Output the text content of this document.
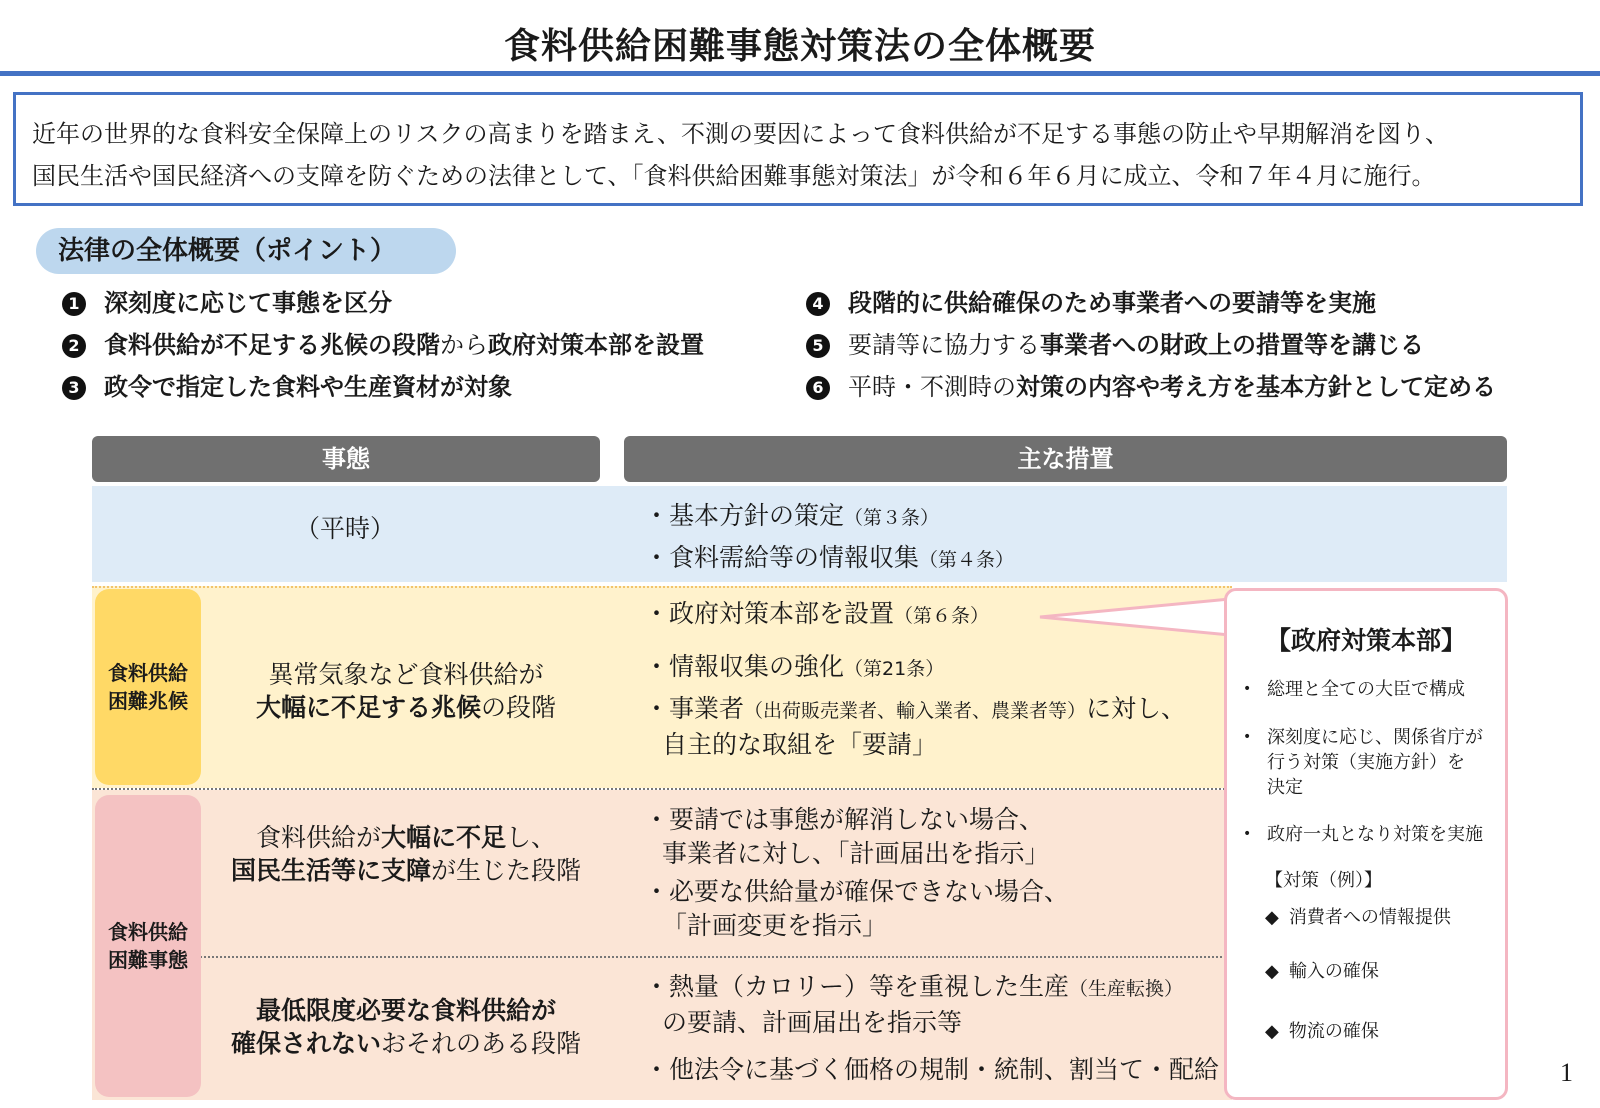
食料供給困難事態対策法の全体概要
近年の世界的な食料安全保障上のリスクの高まりを踏まえ、不測の要因によって食料供給が不足する事態の防止や早期解消を図り、
国民生活や国民経済への支障を防ぐための法律として、「食料供給困難事態対策法」が令和６年６月に成立、令和７年４月に施行。
法律の全体概要（ポイント）
1 深刻度に応じて事態を区分
2 食料供給が不足する兆候の段階から政府対策本部を設置
3 政令で指定した食料や生産資材が対象
4 段階的に供給確保のため事業者への要請等を実施
5 要請等に協力する事業者への財政上の措置等を講じる
6 平時・不測時の対策の内容や考え方を基本方針として定める
事態	主な措置
（平時）	・基本方針の策定（第３条）
・食料需給等の情報収集（第４条）
食料供給
困難兆候
異常気象など食料供給が
大幅に不足する兆候の段階
・政府対策本部を設置（第６条）
・情報収集の強化（第21条）
・事業者（出荷販売業者、輸入業者、農業者等）に対し、
自主的な取組を「要請」
食料供給
困難事態
食料供給が大幅に不足し、
国民生活等に支障が生じた段階
・要請では事態が解消しない場合、
事業者に対し、「計画届出を指示」
・必要な供給量が確保できない場合、
「計画変更を指示」
最低限度必要な食料供給が
確保されないおそれのある段階
・熱量（カロリー）等を重視した生産（生産転換）
の要請、計画届出を指示等
・他法令に基づく価格の規制・統制、割当て・配給
【政府対策本部】
• 総理と全ての大臣で構成
• 深刻度に応じ、関係省庁が
行う対策（実施方針）を
決定
• 政府一丸となり対策を実施
【対策（例）】
◆ 消費者への情報提供
◆ 輸入の確保
◆ 物流の確保
1
